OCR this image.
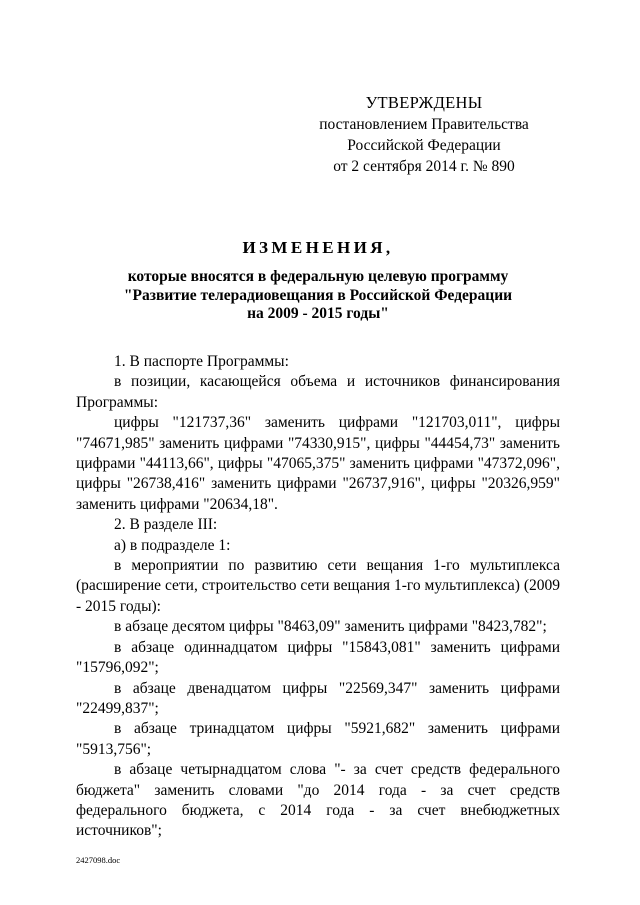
УТВЕРЖДЕНЫ
постановлением Правительства
Российской Федерации
от 2 сентября 2014 г. № 890
ИЗМЕНЕНИЯ,
которые вносятся в федеральную целевую программу
"Развитие телерадиовещания в Российской Федерации
на 2009 - 2015 годы"

1. В паспорте Программы:

в позиции, касающейся объема и источников финансирования Программы:

цифры "121737,36" заменить цифрами "121703,011", цифры "74671,985" заменить цифрами "74330,915", цифры "44454,73" заменить цифрами "44113,66", цифры "47065,375" заменить цифрами "47372,096", цифры "26738,416" заменить цифрами "26737,916", цифры "20326,959" заменить цифрами "20634,18".

2. В разделе III:

а) в подразделе 1:

в мероприятии по развитию сети вещания 1-го мультиплекса (расширение сети, строительство сети вещания 1-го мультиплекса) (2009 - 2015 годы):

в абзаце десятом цифры "8463,09" заменить цифрами "8423,782";

в абзаце одиннадцатом цифры "15843,081" заменить цифрами "15796,092";

в абзаце двенадцатом цифры "22569,347" заменить цифрами "22499,837";

в абзаце тринадцатом цифры "5921,682" заменить цифрами "5913,756";

в абзаце четырнадцатом слова "- за счет средств федерального бюджета" заменить словами "до 2014 года - за счет средств федерального бюджета, с 2014 года - за счет внебюджетных источников";

2427098.doc
